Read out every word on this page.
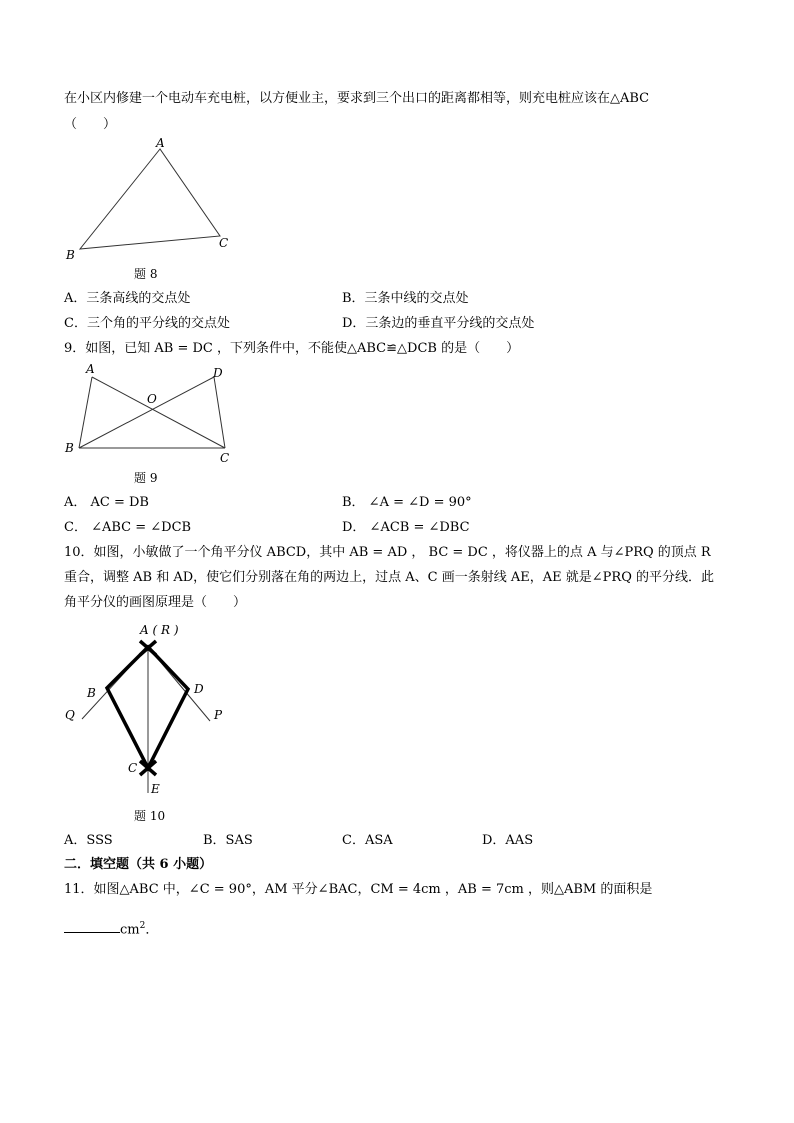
在小区内修建一个电动车充电桩，以方便业主，要求到三个出口的距离都相等，则充电桩应该在△ABC
（　　）
A
B
C
题 8
A．三条高线的交点处	B．三条中线的交点处
C．三个角的平分线的交点处	D．三条边的垂直平分线的交点处
9．如图，已知 AB = DC ，下列条件中，不能使△ABC≌△DCB 的是（　　）
A	D
O
B
C
题 9
A． AC = DB	B． ∠A = ∠D = 90°
C． ∠ABC = ∠DCB	D． ∠ACB = ∠DBC
10．如图，小敏做了一个角平分仪 ABCD，其中 AB = AD ， BC = DC ，将仪器上的点 A 与∠PRQ 的顶点 R
重合，调整 AB 和 AD，使它们分别落在角的两边上，过点 A、C 画一条射线 AE，AE 就是∠PRQ 的平分线．此
角平分仪的画图原理是（　　）
A ( R )
B	D
Q	P
C
E
题 10
A．SSS	B．SAS	C．ASA	D．AAS
二．填空题（共 6 小题）
11．如图△ABC 中，∠C = 90°，AM 平分∠BAC，CM = 4cm ，AB = 7cm ，则△ABM 的面积是
$cm^2$．
